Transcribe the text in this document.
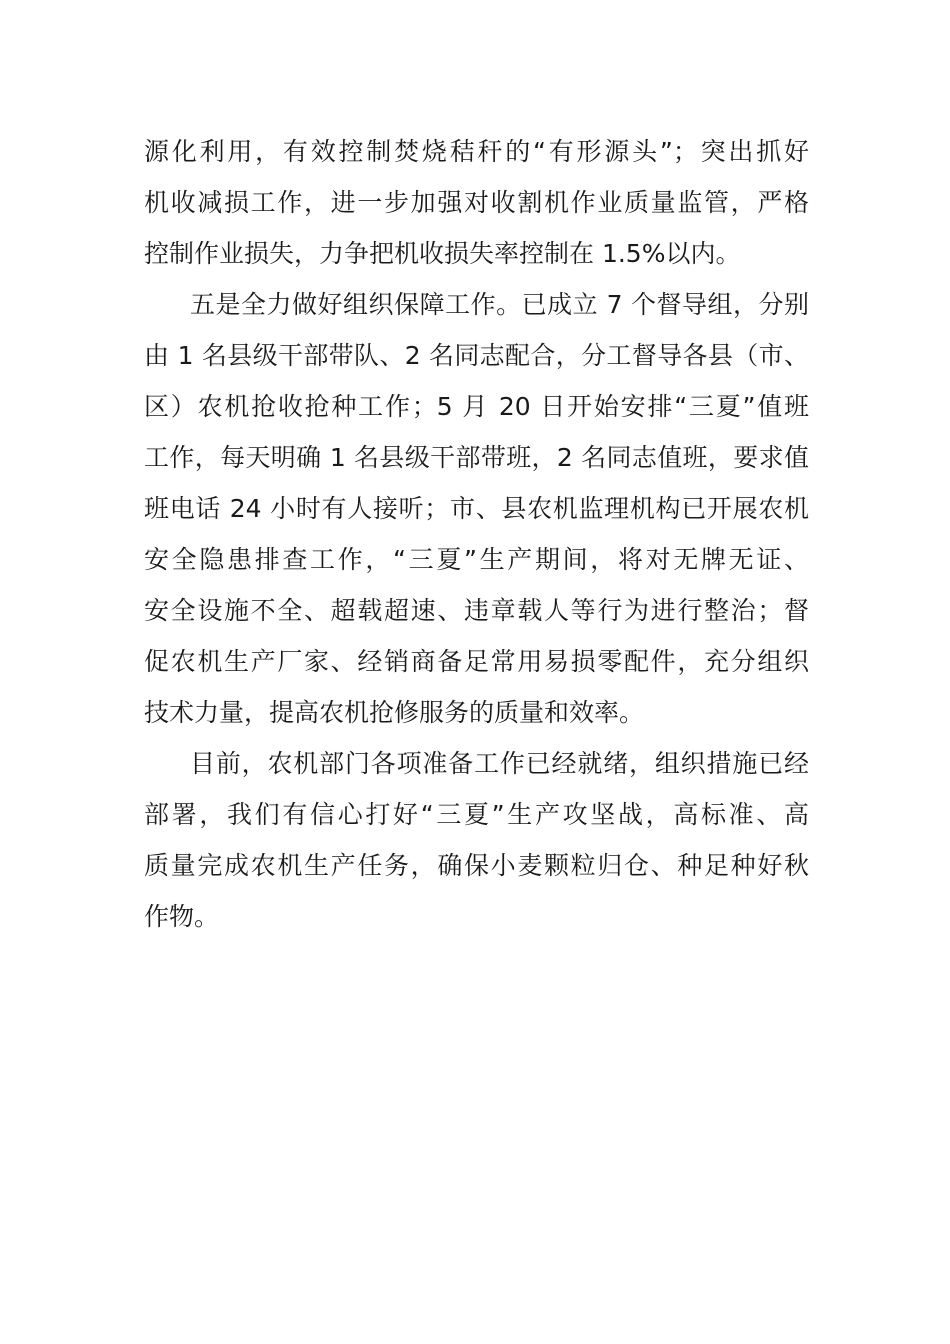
源化利用，有效控制焚烧秸秆的“有形源头”；突出抓好
机收减损工作，进一步加强对收割机作业质量监管，严格
控制作业损失，力争把机收损失率控制在 1.5%以内。
五是全力做好组织保障工作。已成立 7 个督导组，分别
由 1 名县级干部带队、2 名同志配合，分工督导各县（市、
区）农机抢收抢种工作；5 月 20 日开始安排“三夏”值班
工作，每天明确 1 名县级干部带班，2 名同志值班，要求值
班电话 24 小时有人接听；市、县农机监理机构已开展农机
安全隐患排查工作，“三夏”生产期间，将对无牌无证、
安全设施不全、超载超速、违章载人等行为进行整治；督
促农机生产厂家、经销商备足常用易损零配件，充分组织
技术力量，提高农机抢修服务的质量和效率。
目前，农机部门各项准备工作已经就绪，组织措施已经
部署，我们有信心打好“三夏”生产攻坚战，高标准、高
质量完成农机生产任务，确保小麦颗粒归仓、种足种好秋
作物。
